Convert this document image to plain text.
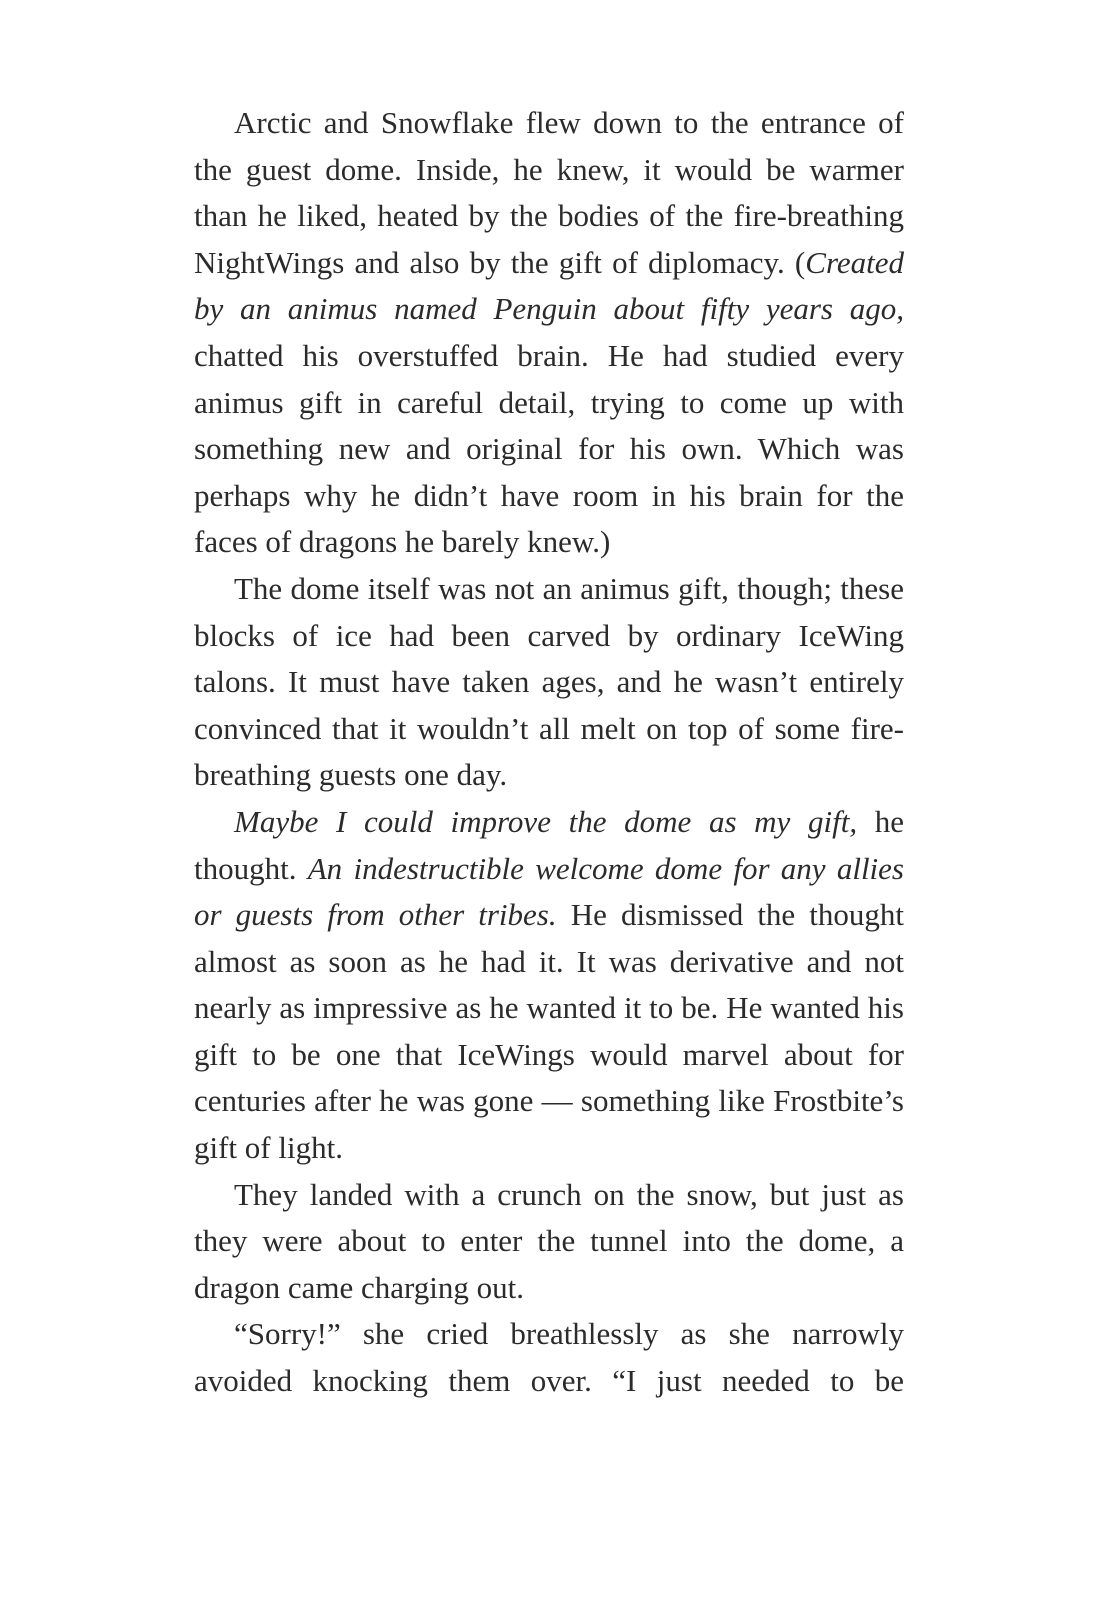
Arctic and Snowflake flew down to the entrance of the guest dome. Inside, he knew, it would be warmer than he liked, heated by the bodies of the fire-breathing NightWings and also by the gift of diplomacy. (Created by an animus named Penguin about fifty years ago, chatted his overstuffed brain. He had studied every animus gift in careful detail, trying to come up with something new and original for his own. Which was perhaps why he didn’t have room in his brain for the faces of dragons he barely knew.)

The dome itself was not an animus gift, though; these blocks of ice had been carved by ordinary IceWing talons. It must have taken ages, and he wasn’t entirely convinced that it wouldn’t all melt on top of some fire-breathing guests one day.

Maybe I could improve the dome as my gift, he thought. An indestructible welcome dome for any allies or guests from other tribes. He dismissed the thought almost as soon as he had it. It was derivative and not nearly as impressive as he wanted it to be. He wanted his gift to be one that IceWings would marvel about for centuries after he was gone — something like Frostbite’s gift of light.

They landed with a crunch on the snow, but just as they were about to enter the tunnel into the dome, a dragon came charging out.

“Sorry!” she cried breathlessly as she narrowly avoided knocking them over. “I just needed to be
